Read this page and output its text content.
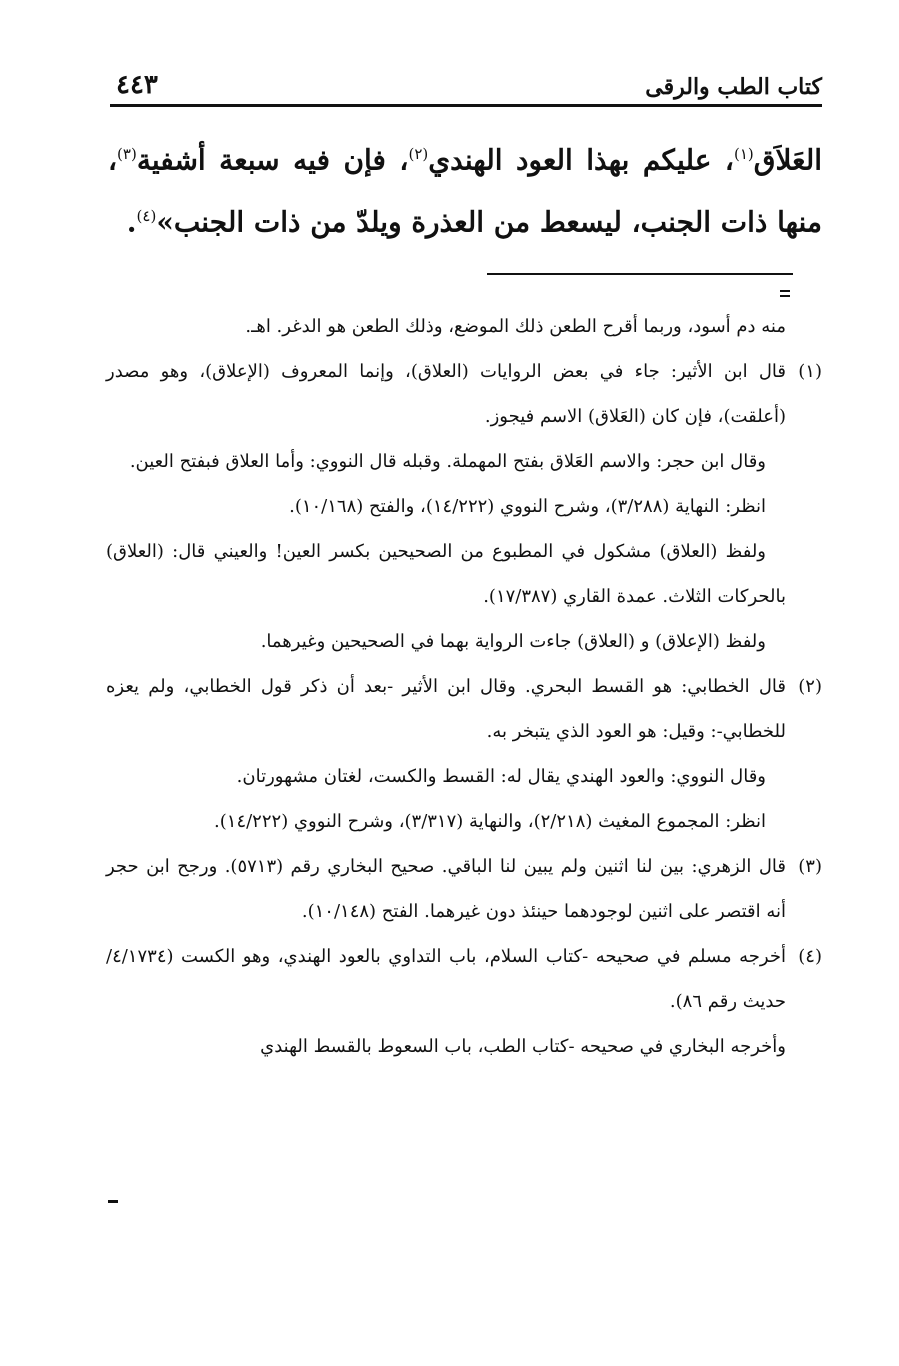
كتاب الطب والرقى
٤٤٣
العَلاَق$^{(١)}$، عليكم بهذا العود الهندي$^{(٢)}$، فإن فيه سبعة أشفية$^{(٣)}$، منها ذات الجنب، ليسعط من العذرة ويلدّ من ذات الجنب»$^{(٤)}$.

منه دم أسود، وربما أقرح الطعن ذلك الموضع، وذلك الطعن هو الدغر. اهـ.

(١)
قال ابن الأثير: جاء في بعض الروايات (العلاق)، وإنما المعروف (الإعلاق)، وهو مصدر (أعلقت)، فإن كان (العَلاق) الاسم فيجوز.

وقال ابن حجر: والاسم العَلاق بفتح المهملة. وقبله قال النووي: وأما العلاق فبفتح العين.

انظر: النهاية (٣/٢٨٨)، وشرح النووي (١٤/٢٢٢)، والفتح (١٠/١٦٨).

ولفظ (العلاق) مشكول في المطبوع من الصحيحين بكسر العين! والعيني قال: (العلاق) بالحركات الثلاث. عمدة القاري (١٧/٣٨٧).

ولفظ (الإعلاق) و (العلاق) جاءت الرواية بهما في الصحيحين وغيرهما.

(٢)
قال الخطابي: هو القسط البحري. وقال ابن الأثير -بعد أن ذكر قول الخطابي، ولم يعزه للخطابي-: وقيل: هو العود الذي يتبخر به.

وقال النووي: والعود الهندي يقال له: القسط والكست، لغتان مشهورتان.

انظر: المجموع المغيث (٢/٢١٨)، والنهاية (٣/٣١٧)، وشرح النووي (١٤/٢٢٢).

(٣)
قال الزهري: بين لنا اثنين ولم يبين لنا الباقي. صحيح البخاري رقم (٥٧١٣). ورجح ابن حجر أنه اقتصر على اثنين لوجودهما حينئذ دون غيرهما. الفتح (١٠/١٤٨).
(٤)
أخرجه مسلم في صحيحه -كتاب السلام، باب التداوي بالعود الهندي، وهو الكست (٤/١٧٣٤/ حديث رقم ٨٦).

وأخرجه البخاري في صحيحه -كتاب الطب، باب السعوط بالقسط الهندي
